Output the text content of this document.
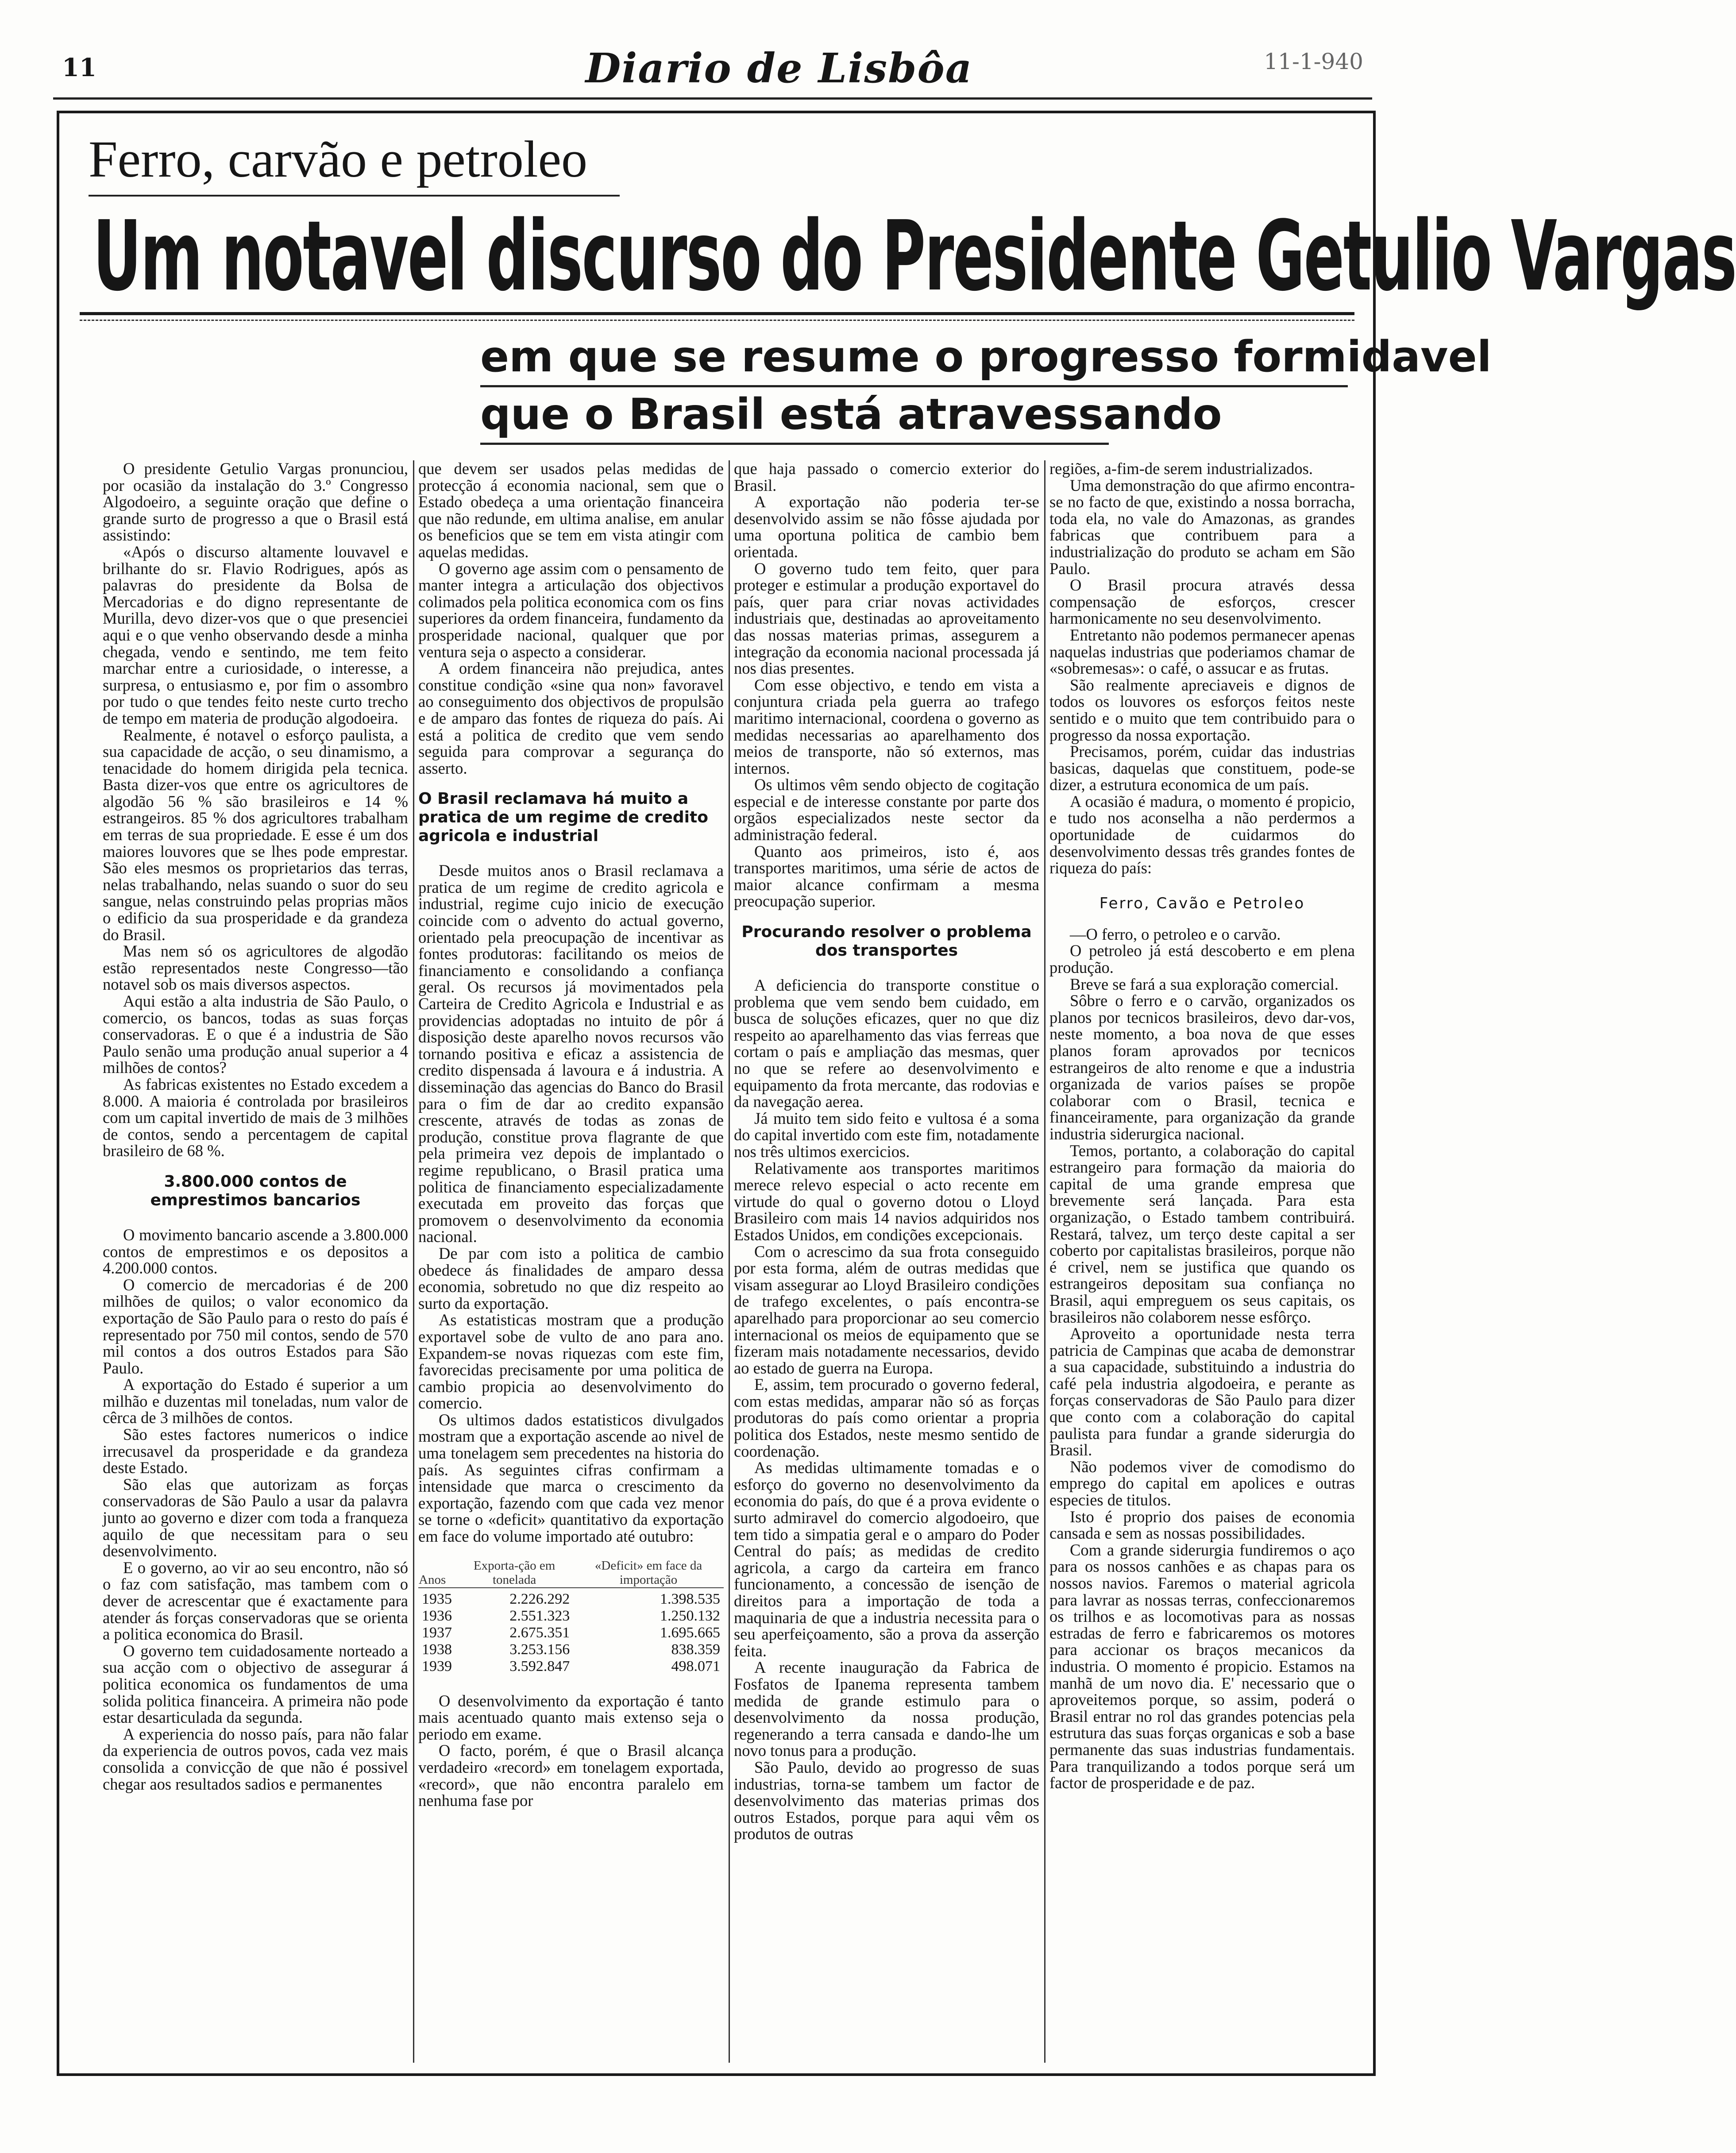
11	Diario de Lisbôa	11-1-940
Ferro, carvão e petroleo
Um notavel discurso do Presidente Getulio Vargas
em que se resume o progresso formidavel
que o Brasil está atravessando

O presidente Getulio Vargas pronunciou, por ocasião da instalação do 3.º Congresso Algodoeiro, a seguinte oração que define o grande surto de progresso a que o Brasil está assistindo:

«Após o discurso altamente louvavel e brilhante do sr. Flavio Rodrigues, após as palavras do presidente da Bolsa de Mercadorias e do digno representante de Murilla, devo dizer-vos que o que presenciei aqui e o que venho observando desde a minha chegada, vendo e sentindo, me tem feito marchar entre a curiosidade, o interesse, a surpresa, o entusiasmo e, por fim o assombro por tudo o que tendes feito neste curto trecho de tempo em materia de produção algodoeira.

Realmente, é notavel o esforço paulista, a sua capacidade de acção, o seu dinamismo, a tenacidade do homem dirigida pela tecnica. Basta dizer-vos que entre os agricultores de algodão 56 % são brasileiros e 14 % estrangeiros. 85 % dos agricultores trabalham em terras de sua propriedade. E esse é um dos maiores louvores que se lhes pode emprestar. São eles mesmos os proprietarios das terras, nelas trabalhando, nelas suando o suor do seu sangue, nelas construindo pelas proprias mãos o edificio da sua prosperidade e da grandeza do Brasil.

Mas nem só os agricultores de algodão estão representados neste Congresso—tão notavel sob os mais diversos aspectos.

Aqui estão a alta industria de São Paulo, o comercio, os bancos, todas as suas forças conservadoras. E o que é a industria de São Paulo senão uma produção anual superior a 4 milhões de contos?

As fabricas existentes no Estado excedem a 8.000. A maioria é controlada por brasileiros com um capital invertido de mais de 3 milhões de contos, sendo a percentagem de capital brasileiro de 68 %.

3.800.000 contos de emprestimos bancarios

O movimento bancario ascende a 3.800.000 contos de emprestimos e os depositos a 4.200.000 contos.

O comercio de mercadorias é de 200 milhões de quilos; o valor economico da exportação de São Paulo para o resto do país é representado por 750 mil contos, sendo de 570 mil contos a dos outros Estados para São Paulo.

A exportação do Estado é superior a um milhão e duzentas mil toneladas, num valor de cêrca de 3 milhões de contos.

São estes factores numericos o indice irrecusavel da prosperidade e da grandeza deste Estado.

São elas que autorizam as forças conservadoras de São Paulo a usar da palavra junto ao governo e dizer com toda a franqueza aquilo de que necessitam para o seu desenvolvimento.

E o governo, ao vir ao seu encontro, não só o faz com satisfação, mas tambem com o dever de acrescentar que é exactamente para atender ás forças conservadoras que se orienta a politica economica do Brasil.

O governo tem cuidadosamente norteado a sua acção com o objectivo de assegurar á politica economica os fundamentos de uma solida politica financeira. A primeira não pode estar desarticulada da segunda.

A experiencia do nosso país, para não falar da experiencia de outros povos, cada vez mais consolida a convicção de que não é possivel chegar aos resultados sadios e permanentes

que devem ser usados pelas medidas de protecção á economia nacional, sem que o Estado obedeça a uma orientação financeira que não redunde, em ultima analise, em anular os beneficios que se tem em vista atingir com aquelas medidas.

O governo age assim com o pensamento de manter integra a articulação dos objectivos colimados pela politica economica com os fins superiores da ordem financeira, fundamento da prosperidade nacional, qualquer que por ventura seja o aspecto a considerar.

A ordem financeira não prejudica, antes constitue condição «sine qua non» favoravel ao conseguimento dos objectivos de propulsão e de amparo das fontes de riqueza do país. Ai está a politica de credito que vem sendo seguida para comprovar a segurança do asserto.

O Brasil reclamava há muito a pratica de um regime de credito agricola e industrial

Desde muitos anos o Brasil reclamava a pratica de um regime de credito agricola e industrial, regime cujo inicio de execução coincide com o advento do actual governo, orientado pela preocupação de incentivar as fontes produtoras: facilitando os meios de financiamento e consolidando a confiança geral. Os recursos já movimentados pela Carteira de Credito Agricola e Industrial e as providencias adoptadas no intuito de pôr á disposição deste aparelho novos recursos vão tornando positiva e eficaz a assistencia de credito dispensada á lavoura e á industria. A disseminação das agencias do Banco do Brasil para o fim de dar ao credito expansão crescente, através de todas as zonas de produção, constitue prova flagrante de que pela primeira vez depois de implantado o regime republicano, o Brasil pratica uma politica de financiamento especializadamente executada em proveito das forças que promovem o desenvolvimento da economia nacional.

De par com isto a politica de cambio obedece ás finalidades de amparo dessa economia, sobretudo no que diz respeito ao surto da exportação.

As estatisticas mostram que a produção exportavel sobe de vulto de ano para ano. Expandem-se novas riquezas com este fim, favorecidas precisamente por uma politica de cambio propicia ao desenvolvimento do comercio.

Os ultimos dados estatisticos divulgados mostram que a exportação ascende ao nivel de uma tonelagem sem precedentes na historia do país. As seguintes cifras confirmam a intensidade que marca o crescimento da exportação, fazendo com que cada vez menor se torne o «deficit» quantitativo da exportação em face do volume importado até outubro:

Anos	Exporta-ção em tonelada	«Deficit» em face da importação

1935	2.226.292	1.398.535
1936	2.551.323	1.250.132
1937	2.675.351	1.695.665
1938	3.253.156	838.359
1939	3.592.847	498.071

O desenvolvimento da exportação é tanto mais acentuado quanto mais extenso seja o periodo em exame.

O facto, porém, é que o Brasil alcança verdadeiro «record» em tonelagem exportada, «record», que não encontra paralelo em nenhuma fase por

que haja passado o comercio exterior do Brasil.

A exportação não poderia ter-se desenvolvido assim se não fôsse ajudada por uma oportuna politica de cambio bem orientada.

O governo tudo tem feito, quer para proteger e estimular a produção exportavel do país, quer para criar novas actividades industriais que, destinadas ao aproveitamento das nossas materias primas, assegurem a integração da economia nacional processada já nos dias presentes.

Com esse objectivo, e tendo em vista a conjuntura criada pela guerra ao trafego maritimo internacional, coordena o governo as medidas necessarias ao aparelhamento dos meios de transporte, não só externos, mas internos.

Os ultimos vêm sendo objecto de cogitação especial e de interesse constante por parte dos orgãos especializados neste sector da administração federal.

Quanto aos primeiros, isto é, aos transportes maritimos, uma série de actos de maior alcance confirmam a mesma preocupação superior.

Procurando resolver o problema dos transportes

A deficiencia do transporte constitue o problema que vem sendo bem cuidado, em busca de soluções eficazes, quer no que diz respeito ao aparelhamento das vias ferreas que cortam o país e ampliação das mesmas, quer no que se refere ao desenvolvimento e equipamento da frota mercante, das rodovias e da navegação aerea.

Já muito tem sido feito e vultosa é a soma do capital invertido com este fim, notadamente nos três ultimos exercicios.

Relativamente aos transportes maritimos merece relevo especial o acto recente em virtude do qual o governo dotou o Lloyd Brasileiro com mais 14 navios adquiridos nos Estados Unidos, em condições excepcionais.

Com o acrescimo da sua frota conseguido por esta forma, além de outras medidas que visam assegurar ao Lloyd Brasileiro condições de trafego excelentes, o país encontra-se aparelhado para proporcionar ao seu comercio internacional os meios de equipamento que se fizeram mais notadamente necessarios, devido ao estado de guerra na Europa.

E, assim, tem procurado o governo federal, com estas medidas, amparar não só as forças produtoras do país como orientar a propria politica dos Estados, neste mesmo sentido de coordenação.

As medidas ultimamente tomadas e o esforço do governo no desenvolvimento da economia do país, do que é a prova evidente o surto admiravel do comercio algodoeiro, que tem tido a simpatia geral e o amparo do Poder Central do país; as medidas de credito agricola, a cargo da carteira em franco funcionamento, a concessão de isenção de direitos para a importação de toda a maquinaria de que a industria necessita para o seu aperfeiçoamento, são a prova da asserção feita.

A recente inauguração da Fabrica de Fosfatos de Ipanema representa tambem medida de grande estimulo para o desenvolvimento da nossa produção, regenerando a terra cansada e dando-lhe um novo tonus para a produção.

São Paulo, devido ao progresso de suas industrias, torna-se tambem um factor de desenvolvimento das materias primas dos outros Estados, porque para aqui vêm os produtos de outras

regiões, a-fim-de serem industrializados.

Uma demonstração do que afirmo encontra-se no facto de que, existindo a nossa borracha, toda ela, no vale do Amazonas, as grandes fabricas que contribuem para a industrialização do produto se acham em São Paulo.

O Brasil procura através dessa compensação de esforços, crescer harmonicamente no seu desenvolvimento.

Entretanto não podemos permanecer apenas naquelas industrias que poderiamos chamar de «sobremesas»: o café, o assucar e as frutas.

São realmente apreciaveis e dignos de todos os louvores os esforços feitos neste sentido e o muito que tem contribuido para o progresso da nossa exportação.

Precisamos, porém, cuidar das industrias basicas, daquelas que constituem, pode-se dizer, a estrutura economica de um país.

A ocasião é madura, o momento é propicio, e tudo nos aconselha a não perdermos a oportunidade de cuidarmos do desenvolvimento dessas três grandes fontes de riqueza do país:

Ferro, Cavão e Petroleo

—O ferro, o petroleo e o carvão.

O petroleo já está descoberto e em plena produção.

Breve se fará a sua exploração comercial.

Sôbre o ferro e o carvão, organizados os planos por tecnicos brasileiros, devo dar-vos, neste momento, a boa nova de que esses planos foram aprovados por tecnicos estrangeiros de alto renome e que a industria organizada de varios países se propõe colaborar com o Brasil, tecnica e financeiramente, para organização da grande industria siderurgica nacional.

Temos, portanto, a colaboração do capital estrangeiro para formação da maioria do capital de uma grande empresa que brevemente será lançada. Para esta organização, o Estado tambem contribuirá. Restará, talvez, um terço deste capital a ser coberto por capitalistas brasileiros, porque não é crivel, nem se justifica que quando os estrangeiros depositam sua confiança no Brasil, aqui empreguem os seus capitais, os brasileiros não colaborem nesse esfôrço.

Aproveito a oportunidade nesta terra patricia de Campinas que acaba de demonstrar a sua capacidade, substituindo a industria do café pela industria algodoeira, e perante as forças conservadoras de São Paulo para dizer que conto com a colaboração do capital paulista para fundar a grande siderurgia do Brasil.

Não podemos viver de comodismo do emprego do capital em apolices e outras especies de titulos.

Isto é proprio dos paises de economia cansada e sem as nossas possibilidades.

Com a grande siderurgia fundiremos o aço para os nossos canhões e as chapas para os nossos navios. Faremos o material agricola para lavrar as nossas terras, confeccionaremos os trilhos e as locomotivas para as nossas estradas de ferro e fabricaremos os motores para accionar os braços mecanicos da industria. O momento é propicio. Estamos na manhã de um novo dia. E' necessario que o aproveitemos porque, so assim, poderá o Brasil entrar no rol das grandes potencias pela estrutura das suas forças organicas e sob a base permanente das suas industrias fundamentais. Para tranquilizando a todos porque será um factor de prosperidade e de paz.
